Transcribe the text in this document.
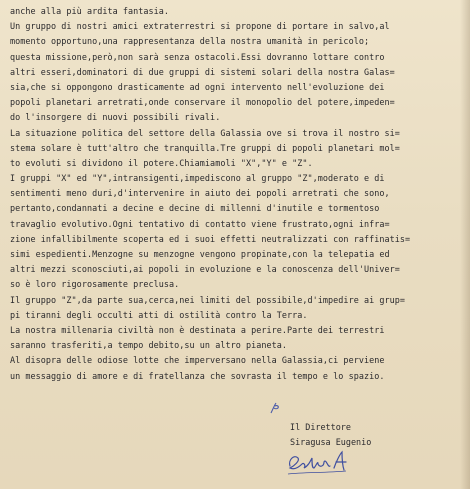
anche alla più ardita fantasia.
Un gruppo di nostri amici extraterrestri si propone di portare in salvo,al
momento opportuno,una rappresentanza della nostra umanità in pericolo;
questa missione,però,non sarà senza ostacoli.Essi dovranno lottare contro
altri esseri,dominatori di due gruppi di sistemi solari della nostra Galas=
sia,che si oppongono drasticamente ad ogni intervento nell'evoluzione dei
popoli planetari arretrati,onde conservare il monopolio del potere,impeden=
do l'insorgere di nuovi possibili rivali.
La situazione politica del settore della Galassia ove si trova il nostro si=
stema solare è tutt'altro che tranquilla.Tre gruppi di popoli planetari mol=
to evoluti si dividono il potere.Chiamiamoli "X","Y" e "Z".
I gruppi "X" ed "Y",intransigenti,impediscono al gruppo "Z",moderato e di
sentimenti meno duri,d'intervenire in aiuto dei popoli arretrati che sono,
pertanto,condannati a decine e decine di millenni d'inutile e tormentoso
travaglio evolutivo.Ogni tentativo di contatto viene frustrato,ogni infra=
zione infallibilmente scoperta ed i suoi effetti neutralizzati con raffinatis=
simi espedienti.Menzogne su menzogne vengono propinate,con la telepatia ed
altri mezzi sconosciuti,ai popoli in evoluzione e la conoscenza dell'Univer=
so è loro rigorosamente preclusa.
Il gruppo "Z",da parte sua,cerca,nei limiti del possibile,d'impedire ai grup=
pi tiranni degli occulti atti di ostilità contro la Terra.
La nostra millenaria civiltà non è destinata a perire.Parte dei terrestri
saranno trasferiti,a tempo debito,su un altro pianeta.
Al disopra delle odiose lotte che imperversano nella Galassia,ci perviene
un messaggio di amore e di fratellanza che sovrasta il tempo e lo spazio.

Il Direttore
Siragusa Eugenio
